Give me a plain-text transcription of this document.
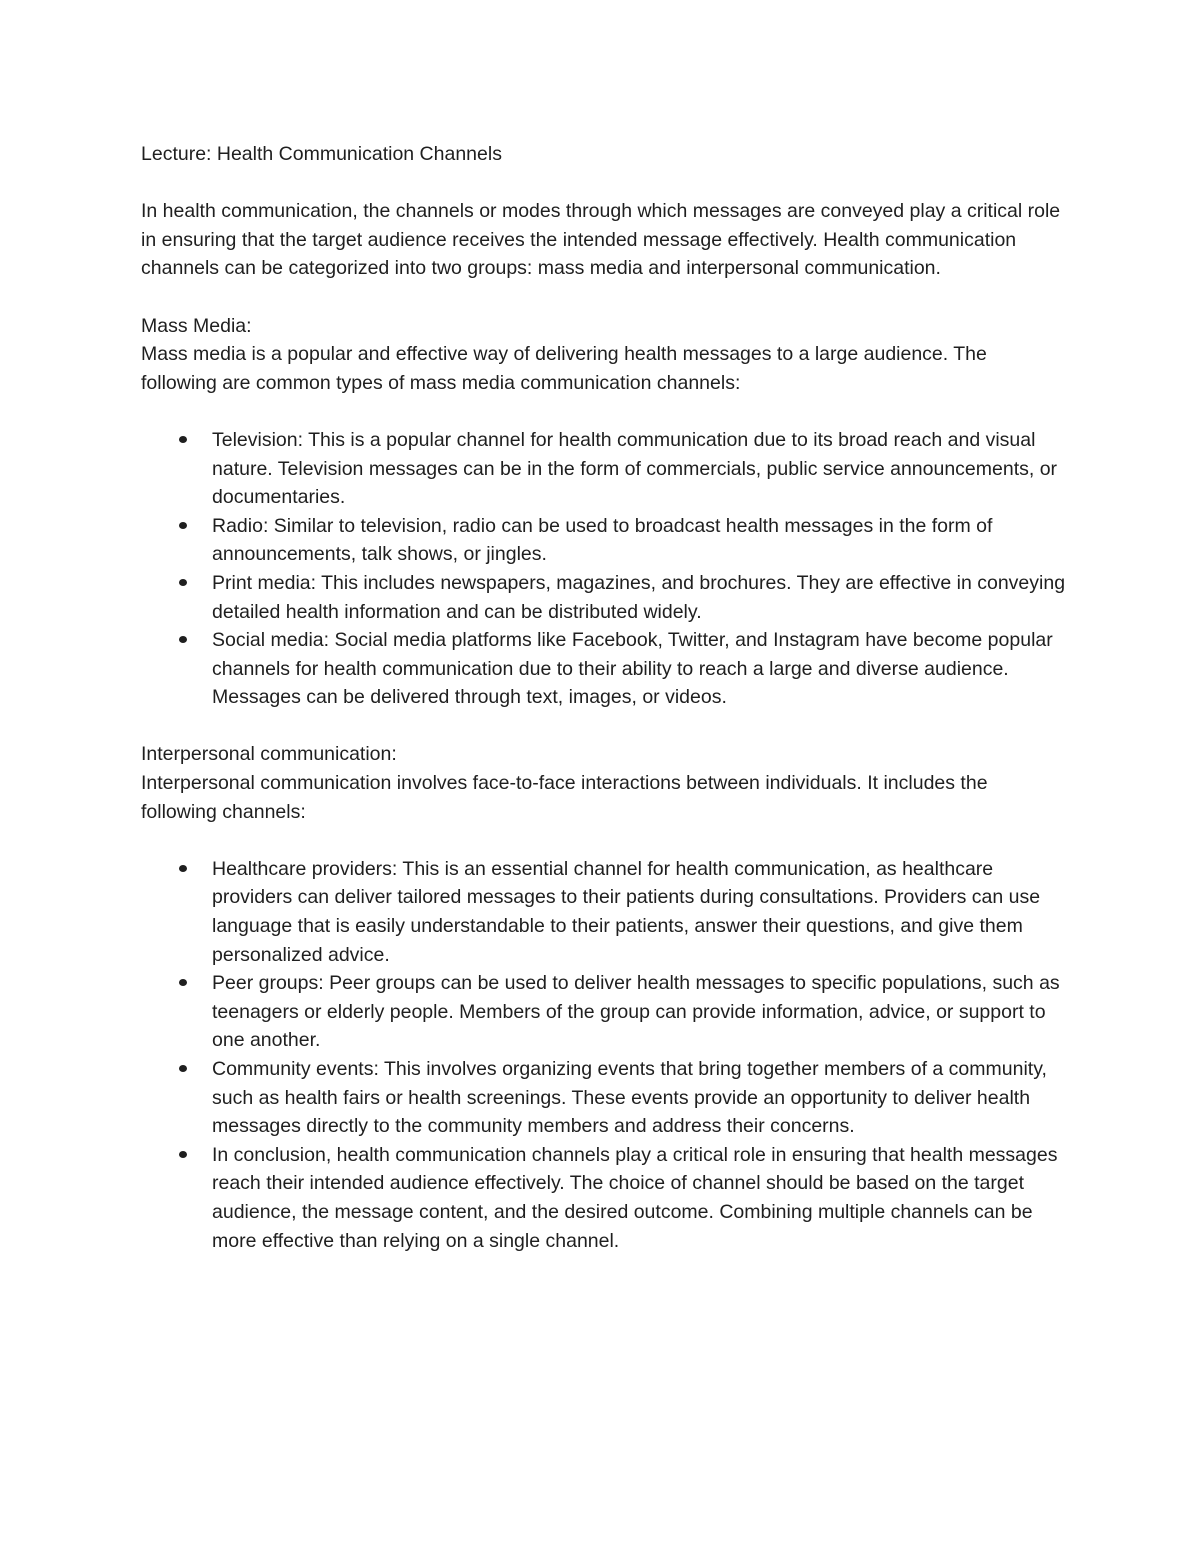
Lecture: Health Communication Channels

In health communication, the channels or modes through which messages are conveyed play a critical role in ensuring that the target audience receives the intended message effectively. Health communication channels can be categorized into two groups: mass media and interpersonal communication.

Mass Media:

Mass media is a popular and effective way of delivering health messages to a large audience. The following are common types of mass media communication channels:

Television: This is a popular channel for health communication due to its broad reach and visual nature. Television messages can be in the form of commercials, public service announcements, or documentaries.
Radio: Similar to television, radio can be used to broadcast health messages in the form of announcements, talk shows, or jingles.
Print media: This includes newspapers, magazines, and brochures. They are effective in conveying detailed health information and can be distributed widely.
Social media: Social media platforms like Facebook, Twitter, and Instagram have become popular channels for health communication due to their ability to reach a large and diverse audience. Messages can be delivered through text, images, or videos.

Interpersonal communication:

Interpersonal communication involves face-to-face interactions between individuals. It includes the following channels:

Healthcare providers: This is an essential channel for health communication, as healthcare providers can deliver tailored messages to their patients during consultations. Providers can use language that is easily understandable to their patients, answer their questions, and give them personalized advice.
Peer groups: Peer groups can be used to deliver health messages to specific populations, such as teenagers or elderly people. Members of the group can provide information, advice, or support to one another.
Community events: This involves organizing events that bring together members of a community, such as health fairs or health screenings. These events provide an opportunity to deliver health messages directly to the community members and address their concerns.
In conclusion, health communication channels play a critical role in ensuring that health messages reach their intended audience effectively. The choice of channel should be based on the target audience, the message content, and the desired outcome. Combining multiple channels can be more effective than relying on a single channel.
